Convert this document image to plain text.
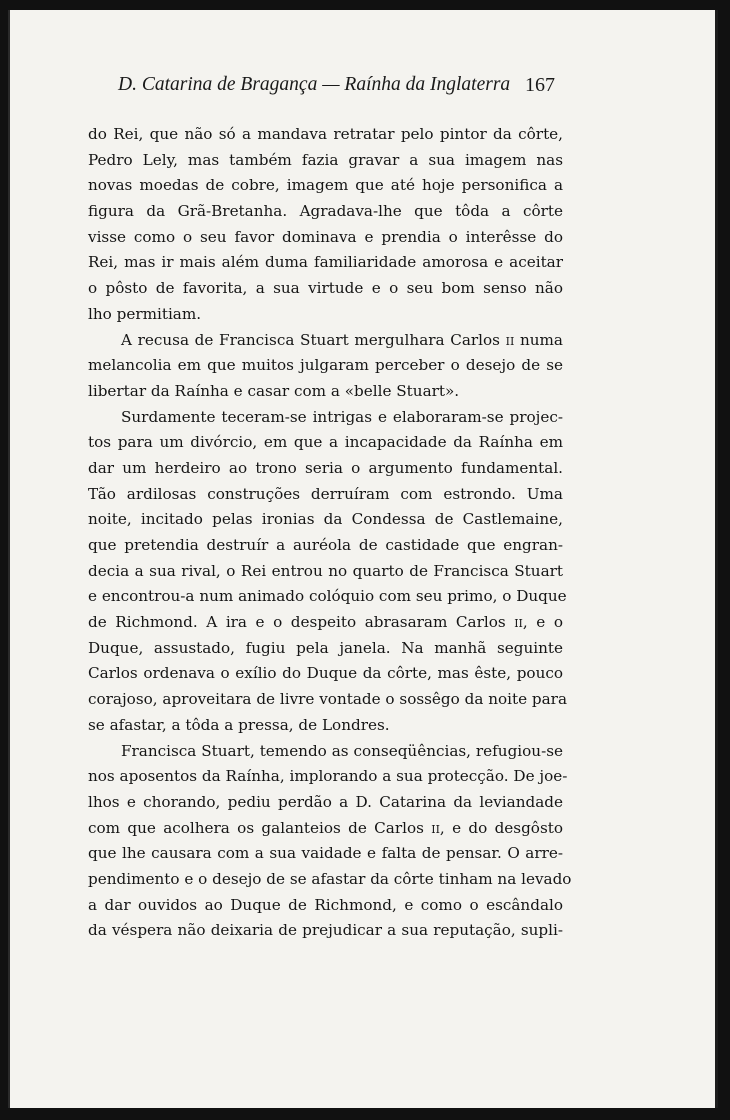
D. Catarina de Bragança — Raínha da Inglaterra 167
do Rei, que não só a mandava retratar pelo pintor da côrte,
Pedro Lely, mas também fazia gravar a sua imagem nas
novas moedas de cobre, imagem que até hoje personifica a
figura da Grã-Bretanha. Agradava-lhe que tôda a côrte
visse como o seu favor dominava e prendia o interêsse do
Rei, mas ir mais além duma familiaridade amorosa e aceitar
o pôsto de favorita, a sua virtude e o seu bom senso não
lho permitiam.
A recusa de Francisca Stuart mergulhara Carlos ii numa
melancolia em que muitos julgaram perceber o desejo de se
libertar da Raínha e casar com a «belle Stuart».
Surdamente teceram-se intrigas e elaboraram-se projec-
tos para um divórcio, em que a incapacidade da Raínha em
dar um herdeiro ao trono seria o argumento fundamental.
Tão ardilosas construções derruíram com estrondo. Uma
noite, incitado pelas ironias da Condessa de Castlemaine,
que pretendia destruír a auréola de castidade que engran-
decia a sua rival, o Rei entrou no quarto de Francisca Stuart
e encontrou-a num animado colóquio com seu primo, o Duque
de Richmond. A ira e o despeito abrasaram Carlos ii, e o
Duque, assustado, fugiu pela janela. Na manhã seguinte
Carlos ordenava o exílio do Duque da côrte, mas êste, pouco
corajoso, aproveitara de livre vontade o sossêgo da noite para
se afastar, a tôda a pressa, de Londres.
Francisca Stuart, temendo as conseqüências, refugiou-se
nos aposentos da Raínha, implorando a sua protecção. De joe-
lhos e chorando, pediu perdão a D. Catarina da leviandade
com que acolhera os galanteios de Carlos ii, e do desgôsto
que lhe causara com a sua vaidade e falta de pensar. O arre-
pendimento e o desejo de se afastar da côrte tinham na levado
a dar ouvidos ao Duque de Richmond, e como o escândalo
da véspera não deixaria de prejudicar a sua reputação, supli-
